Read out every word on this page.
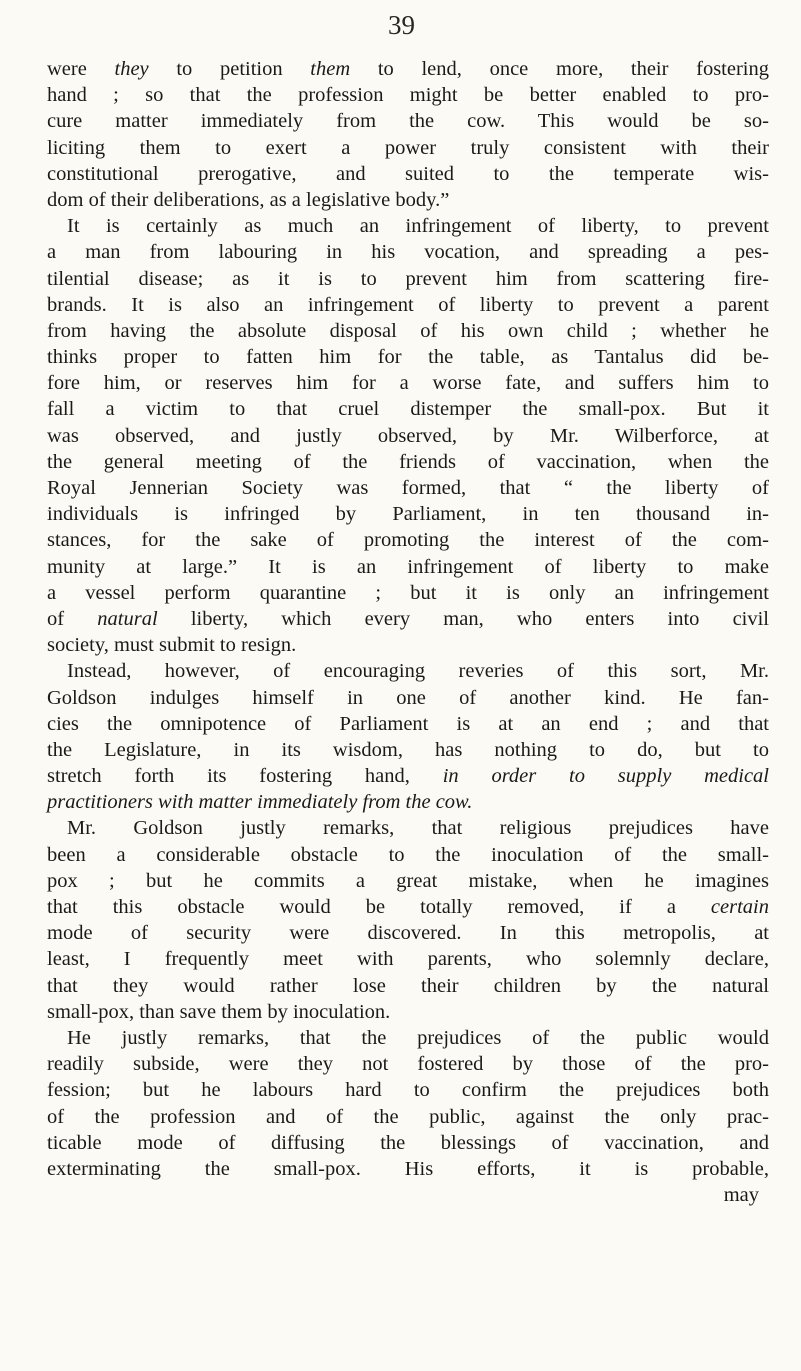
39
were they to petition them to lend, once more, their fostering
hand ; so that the profession might be better enabled to pro-
cure matter immediately from the cow. This would be so-
liciting them to exert a power truly consistent with their
constitutional prerogative, and suited to the temperate wis-
dom of their deliberations, as a legislative body.”
It is certainly as much an infringement of liberty, to prevent
a man from labouring in his vocation, and spreading a pes-
tilential disease; as it is to prevent him from scattering fire-
brands. It is also an infringement of liberty to prevent a parent
from having the absolute disposal of his own child ; whether he
thinks proper to fatten him for the table, as Tantalus did be-
fore him, or reserves him for a worse fate, and suffers him to
fall a victim to that cruel distemper the small-pox. But it
was observed, and justly observed, by Mr. Wilberforce, at
the general meeting of the friends of vaccination, when the
Royal Jennerian Society was formed, that “ the liberty of
individuals is infringed by Parliament, in ten thousand in-
stances, for the sake of promoting the interest of the com-
munity at large.” It is an infringement of liberty to make
a vessel perform quarantine ; but it is only an infringement
of natural liberty, which every man, who enters into civil
society, must submit to resign.
Instead, however, of encouraging reveries of this sort, Mr.
Goldson indulges himself in one of another kind. He fan-
cies the omnipotence of Parliament is at an end ; and that
the Legislature, in its wisdom, has nothing to do, but to
stretch forth its fostering hand, in order to supply medical
practitioners with matter immediately from the cow.
Mr. Goldson justly remarks, that religious prejudices have
been a considerable obstacle to the inoculation of the small-
pox ; but he commits a great mistake, when he imagines
that this obstacle would be totally removed, if a certain
mode of security were discovered. In this metropolis, at
least, I frequently meet with parents, who solemnly declare,
that they would rather lose their children by the natural
small-pox, than save them by inoculation.
He justly remarks, that the prejudices of the public would
readily subside, were they not fostered by those of the pro-
fession; but he labours hard to confirm the prejudices both
of the profession and of the public, against the only prac-
ticable mode of diffusing the blessings of vaccination, and
exterminating the small-pox. His efforts, it is probable,
may
